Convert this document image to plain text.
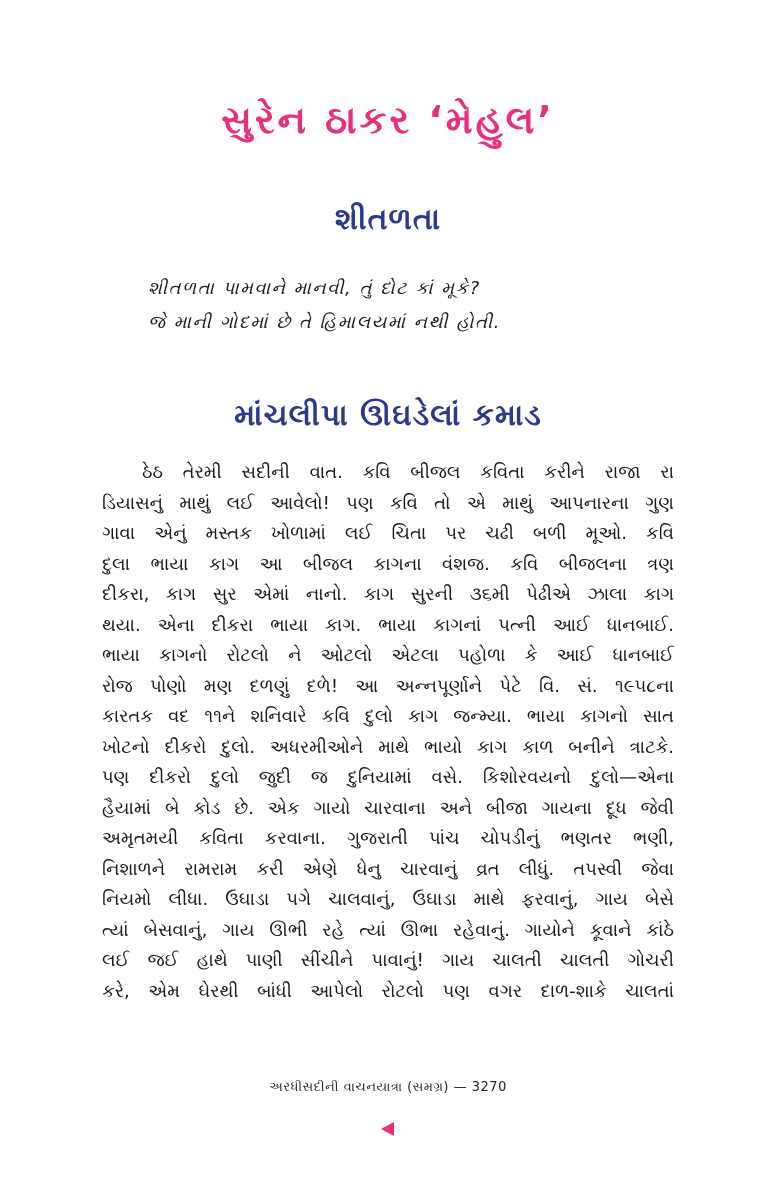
સુરેન ઠાકર ‘મેહુલ’
શીતળતા
શીતળતા પામવાને માનવી, તું દોટ કાં મૂકે?
જે માની ગોદમાં છે તે હિમાલયમાં નથી હોતી.
માંચલીપા ઊઘડેલાં કમાડ
ઠેઠ તેરમી સદીની વાત. કવિ બીજલ કવિતા કરીને રાજા રા
ડિયાસનું માથું લઈ આવેલો! પણ કવિ તો એ માથું આપનારના ગુણ
ગાવા એનું મસ્તક ખોળામાં લઈ ચિતા પર ચઢી બળી મૂઓ. કવિ
દુલા ભાયા કાગ આ બીજલ કાગના વંશજ. કવિ બીજલના ત્રણ
દીકરા, કાગ સુર એમાં નાનો. કાગ સુરની ૩૬મી પેઢીએ ઝાલા કાગ
થયા. એના દીકરા ભાયા કાગ. ભાયા કાગનાં પત્ની આઈ ધાનબાઈ.
ભાયા કાગનો રોટલો ને ઓટલો એટલા પહોળા કે આઈ ધાનબાઈ
રોજ પોણો મણ દળણું દળે! આ અન્નપૂર્ણાને પેટે વિ. સં. ૧૯૫૮ના
કારતક વદ ૧૧ને શનિવારે કવિ દુલો કાગ જન્મ્યા. ભાયા કાગનો સાત
ખોટનો દીકરો દુલો. અધરમીઓને માથે ભાયો કાગ કાળ બનીને ત્રાટકે.
પણ દીકરો દુલો જુદી જ દુનિયામાં વસે. કિશોરવયનો દુલો—એના
હૈયામાં બે કોડ છે. એક ગાયો ચારવાના અને બીજા ગાયના દૂધ જેવી
અમૃતમયી કવિતા કરવાના. ગુજરાતી પાંચ ચોપડીનું ભણતર ભણી,
નિશાળને રામરામ કરી એણે ધેનુ ચારવાનું વ્રત લીધું. તપસ્વી જેવા
નિયમો લીધા. ઉઘાડા પગે ચાલવાનું, ઉઘાડા માથે ફરવાનું, ગાય બેસે
ત્યાં બેસવાનું, ગાય ઊભી રહે ત્યાં ઊભા રહેવાનું. ગાયોને કૂવાને કાંઠે
લઈ જઈ હાથે પાણી સીંચીને પાવાનું! ગાય ચાલતી ચાલતી ગોચરી
કરે, એમ ઘેરથી બાંધી આપેલો રોટલો પણ વગર દાળ-શાકે ચાલતાં
અરધીસદીની વાચનયાત્રા (સમગ્ર) — 3270
